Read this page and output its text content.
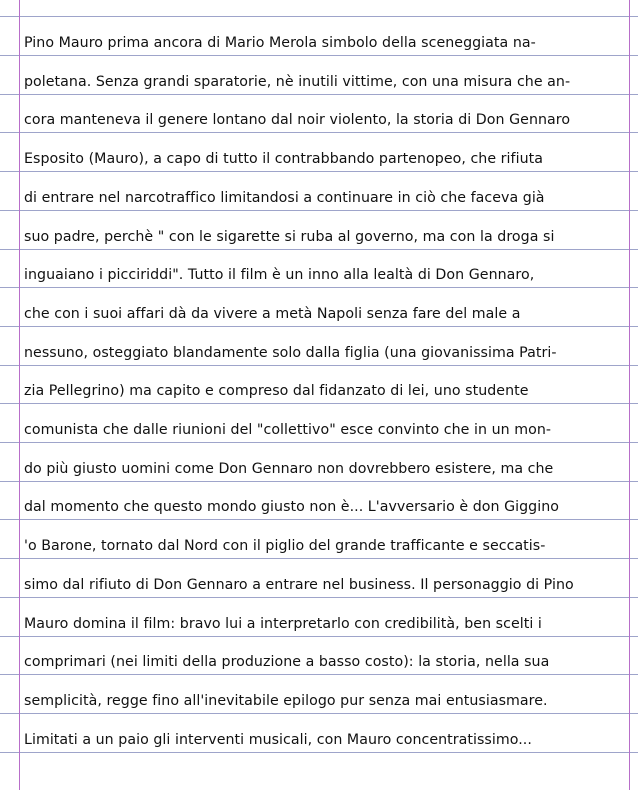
Pino Mauro prima ancora di Mario Merola simbolo della sceneggiata na-
poletana. Senza grandi sparatorie, nè inutili vittime, con una misura che an-
cora manteneva il genere lontano dal noir violento, la storia di Don Gennaro
Esposito (Mauro), a capo di tutto il contrabbando partenopeo, che rifiuta
di entrare nel narcotraffico limitandosi a continuare in ciò che faceva già
suo padre, perchè " con le sigarette si ruba al governo, ma con la droga si
inguaiano i picciriddi". Tutto il film è un inno alla lealtà di Don Gennaro,
che con i suoi affari dà da vivere a metà Napoli senza fare del male a
nessuno, osteggiato blandamente solo dalla figlia (una giovanissima Patri-
zia Pellegrino) ma capito e compreso dal fidanzato di lei, uno studente
comunista che dalle riunioni del "collettivo" esce convinto che in un mon-
do più giusto uomini come Don Gennaro non dovrebbero esistere, ma che
dal momento che questo mondo giusto non è... L'avversario è don Giggino
'o Barone, tornato dal Nord con il piglio del grande trafficante e seccatis-
simo dal rifiuto di Don Gennaro a entrare nel business. Il personaggio di Pino
Mauro domina il film: bravo lui a interpretarlo con credibilità, ben scelti i
comprimari (nei limiti della produzione a basso costo): la storia, nella sua
semplicità, regge fino all'inevitabile epilogo pur senza mai entusiasmare.
Limitati a un paio gli interventi musicali, con Mauro concentratissimo...
